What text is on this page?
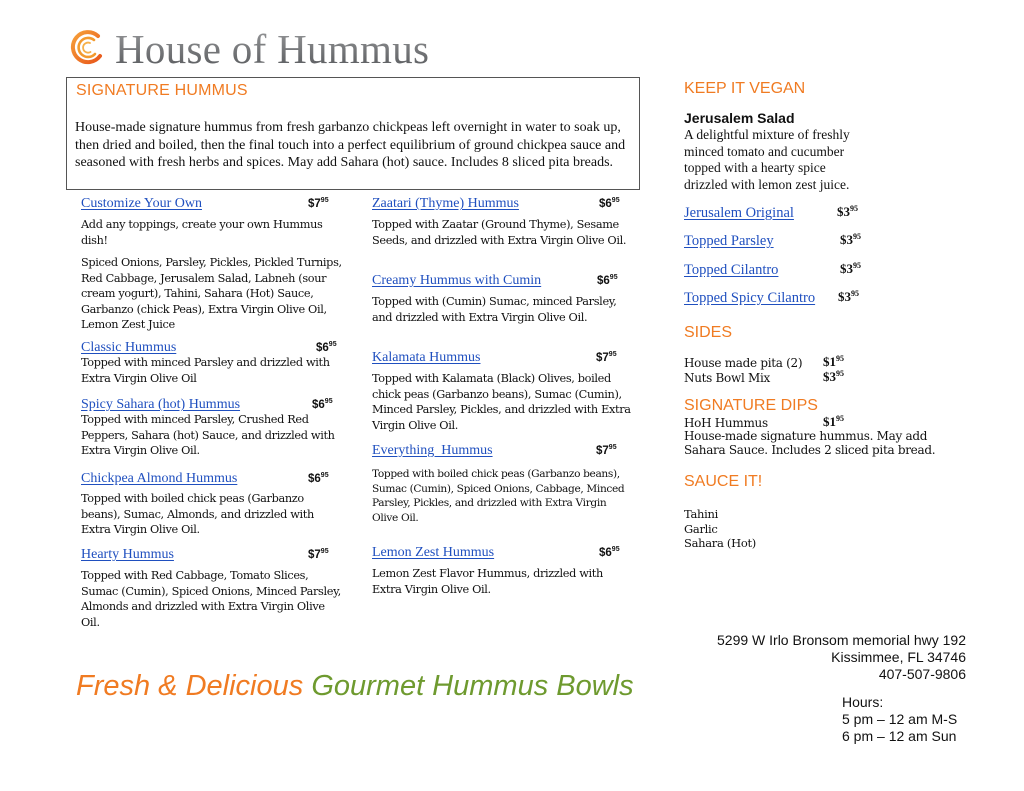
House of Hummus
SIGNATURE HUMMUS
House-made signature hummus from fresh garbanzo chickpeas left overnight in water to soak up, then dried and boiled, then the final touch into a perfect equilibrium of ground chickpea sauce and seasoned with fresh herbs and spices. May add Sahara (hot) sauce. Includes 8 sliced pita breads.
Customize Your Own	$\$7^{95}$
Add any toppings, create your own Hummus dish!
Spiced Onions, Parsley, Pickles, Pickled Turnips, Red Cabbage, Jerusalem Salad, Labneh (sour cream yogurt), Tahini, Sahara (Hot) Sauce, Garbanzo (chick Peas), Extra Virgin Olive Oil, Lemon Zest Juice
Classic Hummus	$\$6^{95}$
Topped with minced Parsley and drizzled with Extra Virgin Olive Oil
Spicy Sahara (hot) Hummus	$\$6^{95}$
Topped with minced Parsley, Crushed Red Peppers, Sahara (hot) Sauce, and drizzled with Extra Virgin Olive Oil.
Chickpea Almond Hummus	$\$6^{95}$
Topped with boiled chick peas (Garbanzo beans), Sumac, Almonds, and drizzled with Extra Virgin Olive Oil.
Hearty Hummus	$\$7^{95}$
Topped with Red Cabbage, Tomato Slices, Sumac (Cumin), Spiced Onions, Minced Parsley, Almonds and drizzled with Extra Virgin Olive Oil.
Zaatari (Thyme) Hummus	$\$6^{95}$
Topped with Zaatar (Ground Thyme), Sesame Seeds, and drizzled with Extra Virgin Olive Oil.
Creamy Hummus with Cumin	$\$6^{95}$
Topped with (Cumin) Sumac, minced Parsley, and drizzled with Extra Virgin Olive Oil.
Kalamata Hummus	$\$7^{95}$
Topped with Kalamata (Black) Olives, boiled chick peas (Garbanzo beans), Sumac (Cumin), Minced Parsley, Pickles, and drizzled with Extra Virgin Olive Oil.
Everything  Hummus	$\$7^{95}$
Topped with boiled chick peas (Garbanzo beans), Sumac (Cumin), Spiced Onions, Cabbage, Minced Parsley, Pickles, and drizzled with Extra Virgin Olive Oil.
Lemon Zest Hummus	$\$6^{95}$
Lemon Zest Flavor Hummus, drizzled with Extra Virgin Olive Oil.
KEEP IT VEGAN
Jerusalem Salad
A delightful mixture of freshly minced tomato and cucumber topped with a hearty spice drizzled with lemon zest juice.
Jerusalem Original	$\$3^{95}$
Topped Parsley	$\$3^{95}$
Topped Cilantro	$\$3^{95}$
Topped Spicy Cilantro $\$3^{95}$
SIDES
House made pita (2) $\$1^{95}$
Nuts Bowl Mix	$\$3^{95}$
SIGNATURE DIPS
HoH Hummus	$\$1^{95}$
House-made signature hummus. May add
Sahara Sauce. Includes 2 sliced pita bread.
SAUCE IT!
Tahini
Garlic
Sahara (Hot)
5299 W Irlo Bronsom memorial hwy 192
Kissimmee, FL 34746
407-507-9806
Hours:
5 pm – 12 am M-S
6 pm – 12 am Sun
Fresh & Delicious Gourmet Hummus Bowls
